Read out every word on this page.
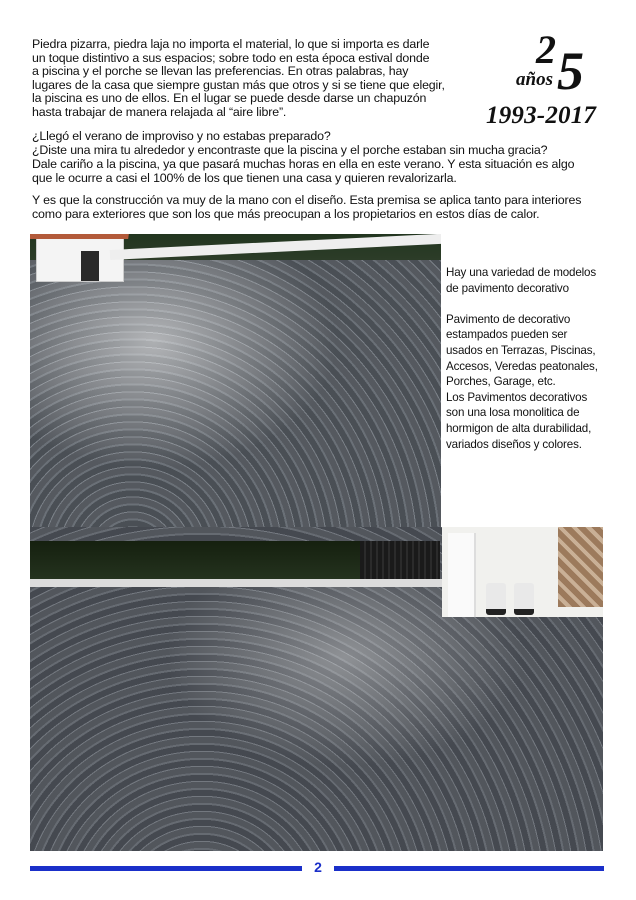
Piedra pizarra, piedra laja no importa el material, lo que si importa es darle

un toque distintivo a sus espacios; sobre todo en esta época estival donde

a piscina y el porche se llevan las preferencias. En otras palabras, hay

lugares de la casa que siempre gustan más que otros y si se tiene que elegir,

la piscina es uno de ellos. En el lugar se puede desde darse un chapuzón

hasta trabajar de manera relajada al “aire libre”.

2 5
años
1993-2017

¿Llegó el verano de improviso y no estabas preparado?

¿Diste una mira tu alrededor y encontraste que la piscina y el porche estaban sin mucha gracia?

Dale cariño a la piscina, ya que pasará muchas horas en ella en este verano. Y esta situación es algo

que le ocurre a casi el 100% de los que tienen una casa y quieren revalorizarla.

Y es que la construcción va muy de la mano con el diseño. Esta premisa se aplica tanto para interiores

como para exteriores que son los que más preocupan a los propietarios en estos días de calor.

Hay una variedad de modelos

de pavimento decorativo

Pavimento de decorativo

estampados pueden ser

usados en Terrazas, Piscinas,

Accesos, Veredas peatonales,

Porches, Garage, etc.

Los Pavimentos decorativos

son una losa monolitica de

hormigon de alta durabilidad,

variados diseños y colores.

2
